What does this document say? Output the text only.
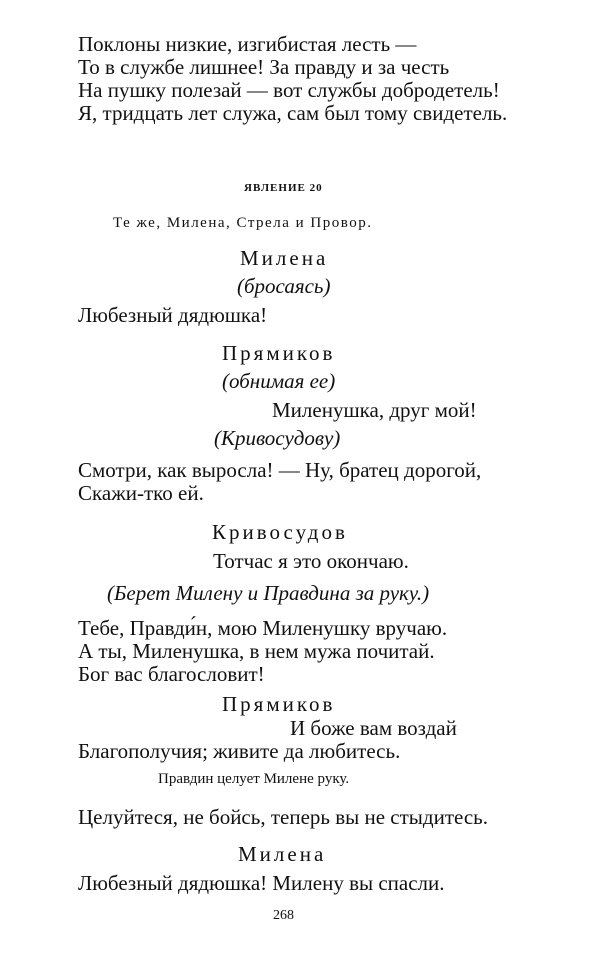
Поклоны низкие, изгибистая лесть —
То в службе лишнее! За правду и за честь
На пушку полезай — вот службы добродетель!
Я, тридцать лет служа, сам был тому свидетель.
ЯВЛЕНИЕ 20
Те же, Милена, Стрела и Провор.
Милена
(бросаясь)
Любезный дядюшка!
Прямиков
(обнимая ее)
Миленушка, друг мой!
(Кривосудову)
Смотри, как выросла! — Ну, братец дорогой,
Скажи-тко ей.
Кривосудов
Тотчас я это окончаю.
(Берет Милену и Правдина за руку.)
Тебе, Правди́н, мою Миленушку вручаю.
А ты, Миленушка, в нем мужа почитай.
Бог вас благословит!
Прямиков
И боже вам воздай
Благополучия; живите да любитесь.
Правдин целует Милене руку.
Целуйтеся, не бойсь, теперь вы не стыдитесь.
Милена
Любезный дядюшка! Милену вы спасли.
268
